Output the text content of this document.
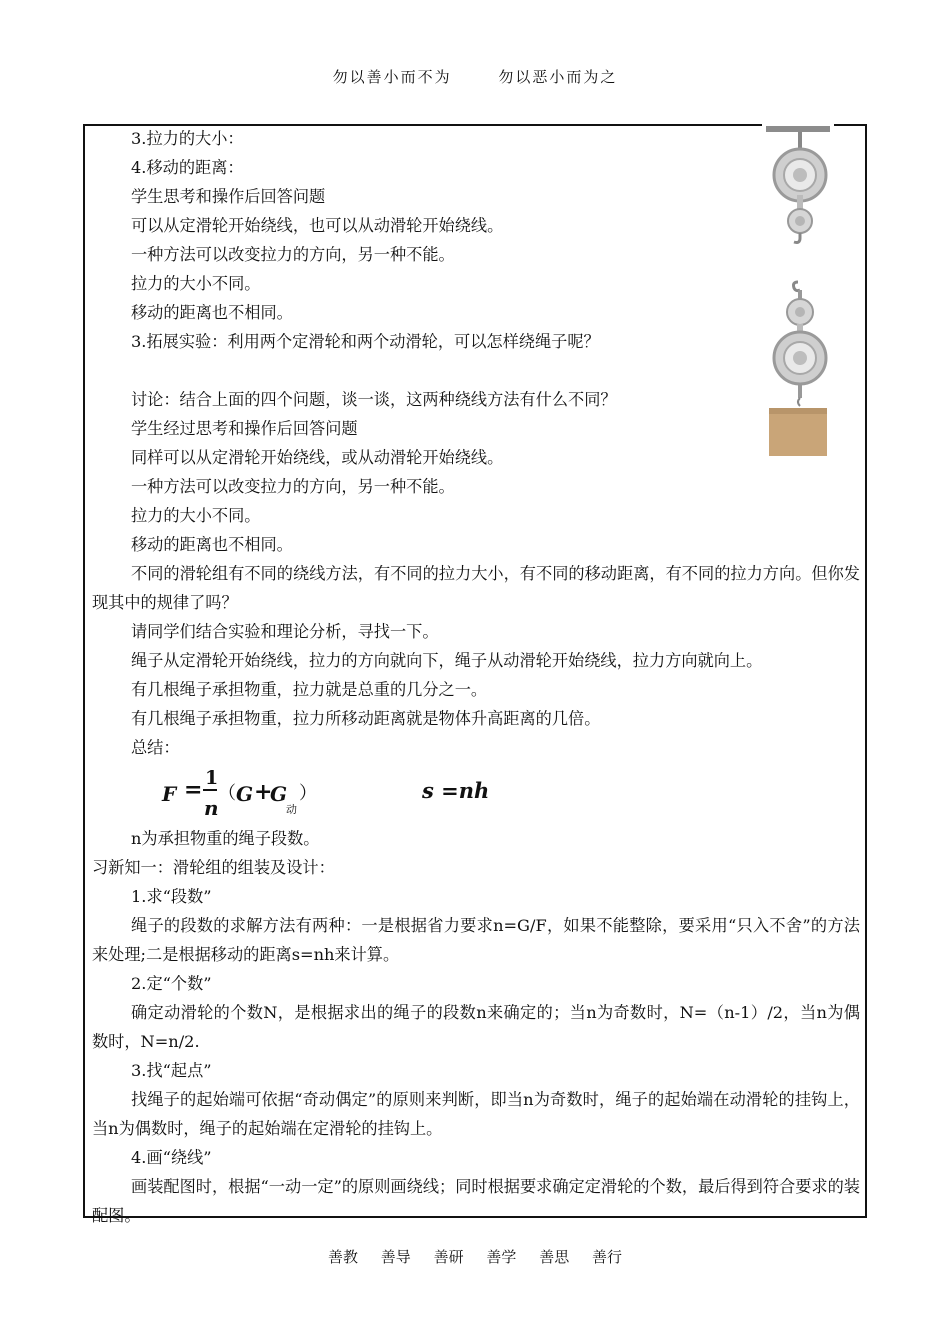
勿以善小而不为	勿以恶小而为之

3.拉力的大小：

4.移动的距离：

学生思考和操作后回答问题

可以从定滑轮开始绕线，也可以从动滑轮开始绕线。

一种方法可以改变拉力的方向，另一种不能。

拉力的大小不同。

移动的距离也不相同。

3.拓展实验：利用两个定滑轮和两个动滑轮，可以怎样绕绳子呢？

讨论：结合上面的四个问题，谈一谈，这两种绕线方法有什么不同？

学生经过思考和操作后回答问题

同样可以从定滑轮开始绕线，或从动滑轮开始绕线。

一种方法可以改变拉力的方向，另一种不能。

拉力的大小不同。

移动的距离也不相同。

不同的滑轮组有不同的绕线方法，有不同的拉力大小，有不同的移动距离，有不同的拉力方向。但你发现其中的规律了吗？

请同学们结合实验和理论分析，寻找一下。

绳子从定滑轮开始绕线，拉力的方向就向下，绳子从动滑轮开始绕线，拉力方向就向上。

有几根绳子承担物重，拉力就是总重的几分之一。

有几根绳子承担物重，拉力所移动距离就是物体升高距离的几倍。

总结：

F = 1
n
（ G +
G
动
）	s =nh

n为承担物重的绳子段数。

习新知一：滑轮组的组装及设计：

1.求“段数”

绳子的段数的求解方法有两种：一是根据省力要求n=G/F，如果不能整除，要采用“只入不舍”的方法来处理;二是根据移动的距离s=nh来计算。

2.定“个数”

确定动滑轮的个数N，是根据求出的绳子的段数n来确定的；当n为奇数时，N=（n-1）/2，当n为偶数时，N=n/2.

3.找“起点”

找绳子的起始端可依据“奇动偶定”的原则来判断，即当n为奇数时，绳子的起始端在动滑轮的挂钩上，当n为偶数时，绳子的起始端在定滑轮的挂钩上。

4.画“绕线”

画装配图时，根据“一动一定”的原则画绕线；同时根据要求确定定滑轮的个数，最后得到符合要求的装配图。

善教 善导 善研 善学 善思 善行
